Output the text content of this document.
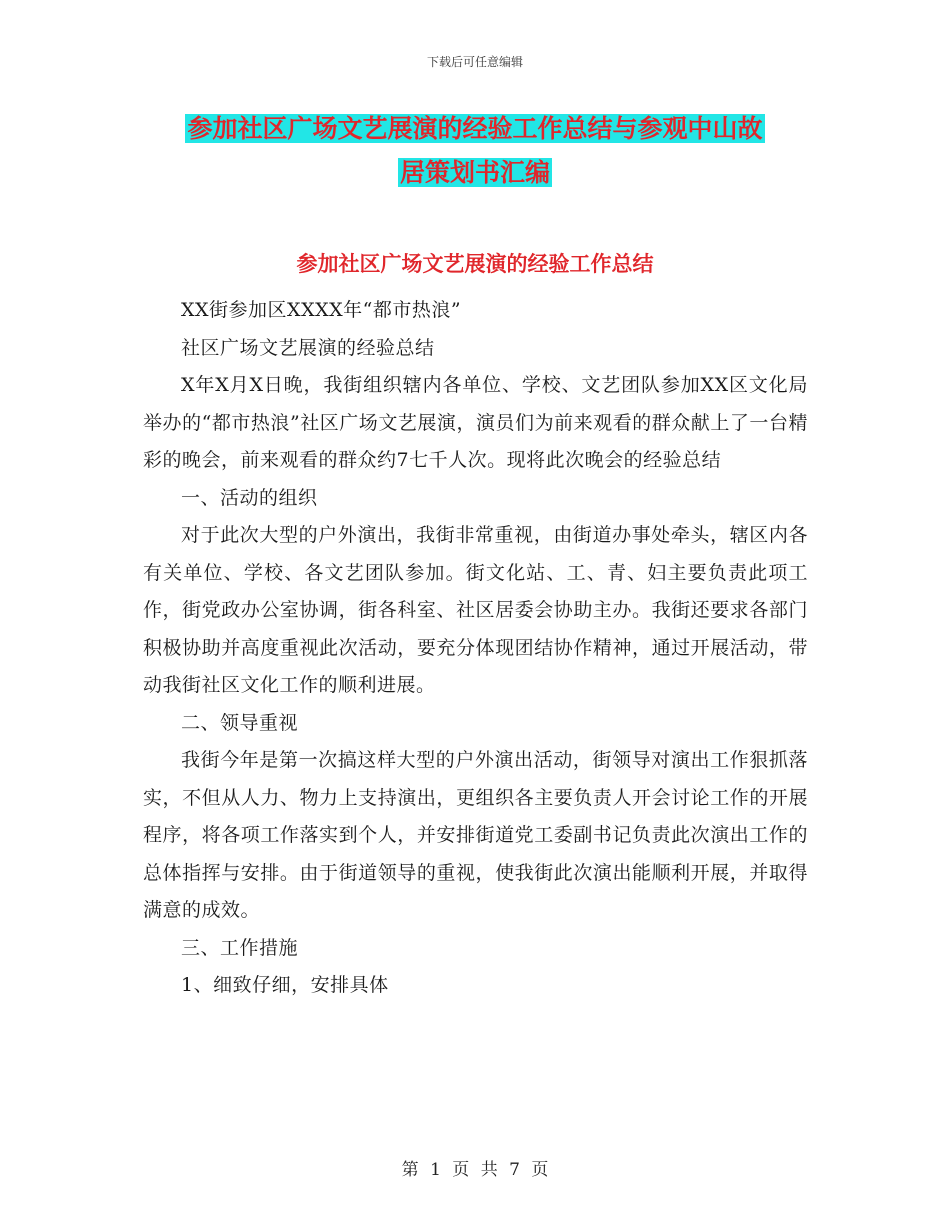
下载后可任意编辑
参加社区广场文艺展演的经验工作总结与参观中山故
居策划书汇编
参加社区广场文艺展演的经验工作总结

XX街参加区XXXX年“都市热浪”

社区广场文艺展演的经验总结

X年X月X日晚，我街组织辖内各单位、学校、文艺团队参加XX区文化局举办的“都市热浪”社区广场文艺展演，演员们为前来观看的群众献上了一台精彩的晚会，前来观看的群众约7七千人次。现将此次晚会的经验总结

一、活动的组织

对于此次大型的户外演出，我街非常重视，由街道办事处牵头，辖区内各有关单位、学校、各文艺团队参加。街文化站、工、青、妇主要负责此项工作，街党政办公室协调，街各科室、社区居委会协助主办。我街还要求各部门积极协助并高度重视此次活动，要充分体现团结协作精神，通过开展活动，带动我街社区文化工作的顺利进展。

二、领导重视

我街今年是第一次搞这样大型的户外演出活动，街领导对演出工作狠抓落实，不但从人力、物力上支持演出，更组织各主要负责人开会讨论工作的开展程序，将各项工作落实到个人，并安排街道党工委副书记负责此次演出工作的总体指挥与安排。由于街道领导的重视，使我街此次演出能顺利开展，并取得满意的成效。

三、工作措施

1、细致仔细，安排具体

第 1 页 共 7 页
